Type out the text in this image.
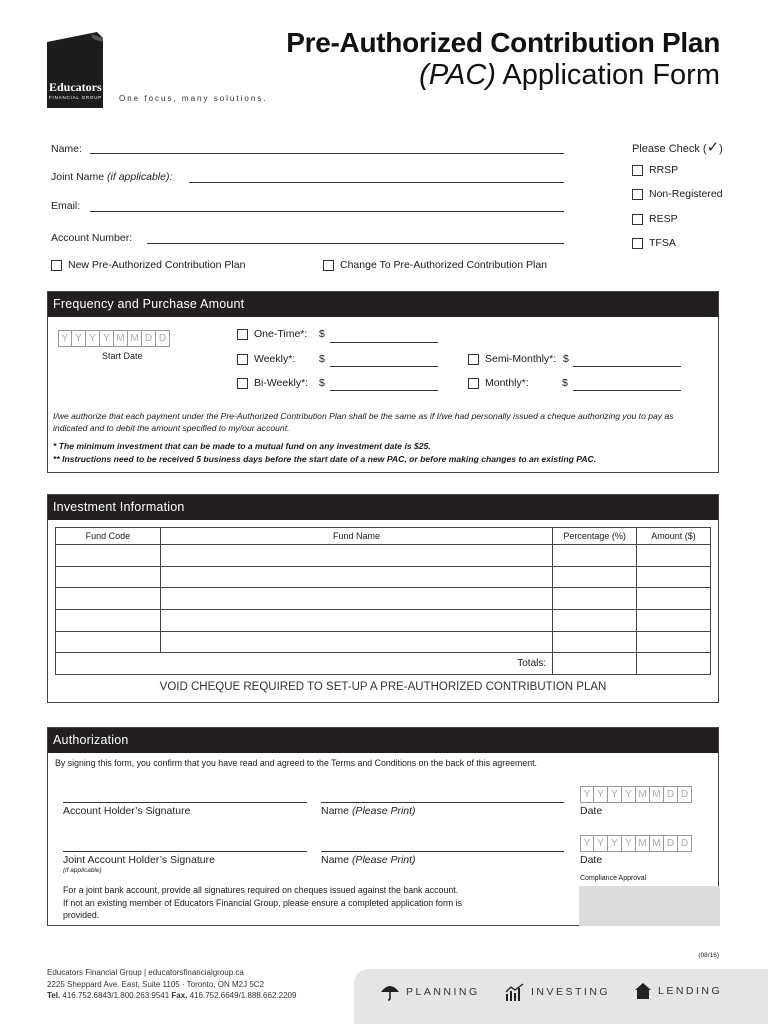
Educators
FINANCIAL GROUP One focus, many solutions.
Pre-Authorized Contribution Plan
(PAC) Application Form
Name:
Joint Name (if applicable):
Email:
Account Number:
New Pre-Authorized Contribution Plan	Change To Pre-Authorized Contribution Plan
Please Check (✓)
RRSP
Non-Registered
RESP
TFSA
Frequency and Purchase Amount
Y Y Y Y M M D D
Start Date
One-Time*: $
Weekly*: $	Semi-Monthly*: $
Bi-Weekly*: $	Monthly*:	$
I/we authorize that each payment under the Pre-Authorized Contribution Plan shall be the same as if I/we had personally issued a cheque authorizing you to pay as indicated and to debit the amount specified to my/our account.
* The minimum investment that can be made to a mutual fund on any investment date is $25.
** Instructions need to be received 5 business days before the start date of a new PAC, or before making changes to an existing PAC.
Investment Information
Fund Code	Fund Name	Percentage (%)	Amount ($)

Totals:			
VOID CHEQUE REQUIRED TO SET-UP A PRE-AUTHORIZED CONTRIBUTION PLAN
Authorization
By signing this form, you confirm that you have read and agreed to the Terms and Conditions on the back of this agreement.
Account Holder’s Signature	Name (Please Print)
Y Y Y Y M M D D
Date
Joint Account Holder’s Signature
(if applicable)
Name (Please Print)
Y Y Y Y M M D D
Date
Compliance Approval
For a joint bank account, provide all signatures required on cheques issued against the bank account. If not an existing member of Educators Financial Group, please ensure a completed application form is provided.
(08/16)
Educators Financial Group | educatorsfinancialgroup.ca
2225 Sheppard Ave. East, Suite 1105 · Toronto, ON M2J 5C2
Tel. 416.752.6843/1.800.263.9541 Fax. 416.752.6649/1.888.662.2209	PLANNING	INVESTING	LENDING
